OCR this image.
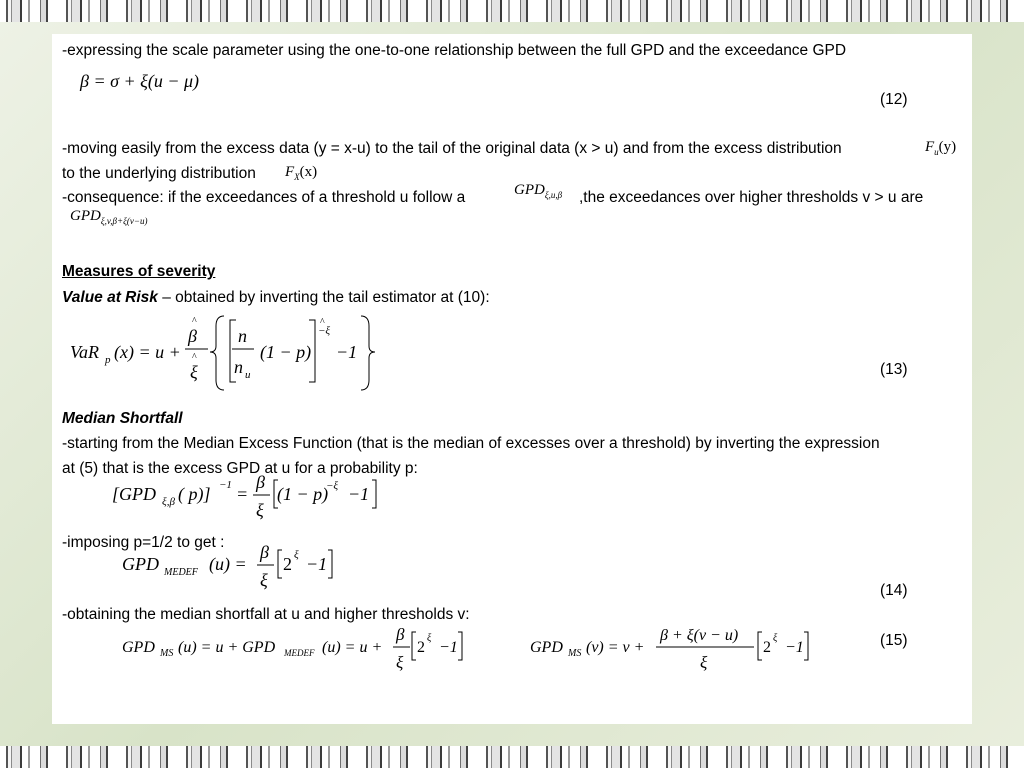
-expressing the scale parameter using the one-to-one relationship between the full GPD and the exceedance GPD
β = σ + ξ(u − μ)
(12)
-moving easily from the excess data (y = x-u) to the tail of the original data (x > u) and from the excess distribution	$F_u(y)$
to the underlying distribution $F_X(x)$
-consequence: if the exceedances of a threshold u follow a	$GPD_{\xi,u,\beta}$ ,the exceedances over higher thresholds v > u are
$GPD_{\xi,v,\beta+\xi(v-u)}$
Measures of severity
Value at Risk – obtained by inverting the tail estimator at (10):
VaR p (x) = u +
^
β
^
ξ
n
n u
(1 − p)
^
−ξ
−1
(13)
Median Shortfall
-starting from the Median Excess Function (that is the median of excesses over a threshold) by inverting the expression
at (5) that is the excess GPD at u for a probability p:
[GPD ξ,β ( p)] −1 =
β
ξ
(1 − p)
−ξ −1
-imposing p=1/2 to get :
GPD MEDEF (u) =
β
ξ
2 ξ −1
(14)
-obtaining the median shortfall at u and higher thresholds v:
GPD MS (u) = u + GPD MEDEF (u) = u +
β
ξ
2
ξ
−1	GPD MS (v) = v +
β + ξ(v − u)
ξ
2
ξ
−1	(15)
